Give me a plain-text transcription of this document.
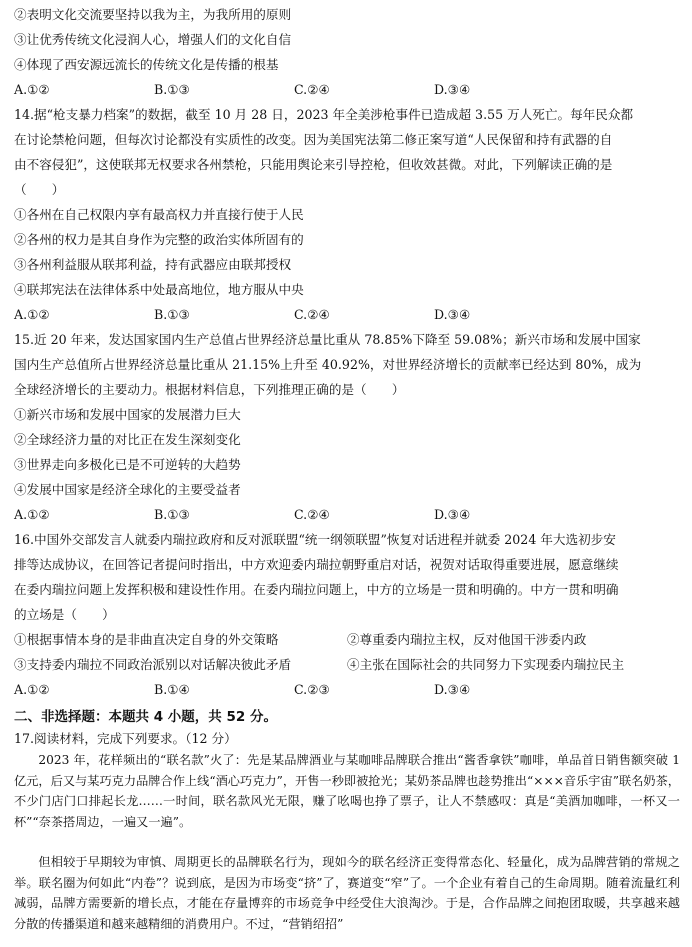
②表明文化交流要坚持以我为主，为我所用的原则
③让优秀传统文化浸润人心，增强人们的文化自信
④体现了西安源远流长的传统文化是传播的根基
A.①②	B.①③	C.②④	D.③④
14.据“枪支暴力档案”的数据，截至 10 月 28 日，2023 年全美涉枪事件已造成超 3.55 万人死亡。每年民众都
在讨论禁枪问题，但每次讨论都没有实质性的改变。因为美国宪法第二修正案写道“人民保留和持有武器的自
由不容侵犯”，这使联邦无权要求各州禁枪，只能用舆论来引导控枪，但收效甚微。对此，下列解读正确的是
（　　）
①各州在自己权限内享有最高权力并直接行使于人民
②各州的权力是其自身作为完整的政治实体所固有的
③各州利益服从联邦利益，持有武器应由联邦授权
④联邦宪法在法律体系中处最高地位，地方服从中央
A.①②	B.①③	C.②④	D.③④
15.近 20 年来，发达国家国内生产总值占世界经济总量比重从 78.85%下降至 59.08%；新兴市场和发展中国家
国内生产总值所占世界经济总量比重从 21.15%上升至 40.92%，对世界经济增长的贡献率已经达到 80%，成为
全球经济增长的主要动力。根据材料信息，下列推理正确的是（　　）
①新兴市场和发展中国家的发展潜力巨大
②全球经济力量的对比正在发生深刻变化
③世界走向多极化已是不可逆转的大趋势
④发展中国家是经济全球化的主要受益者
A.①②	B.①③	C.②④	D.③④
16.中国外交部发言人就委内瑞拉政府和反对派联盟“统一纲领联盟”恢复对话进程并就委 2024 年大选初步安
排等达成协议，在回答记者提问时指出，中方欢迎委内瑞拉朝野重启对话，祝贺对话取得重要进展，愿意继续
在委内瑞拉问题上发挥积极和建设性作用。在委内瑞拉问题上，中方的立场是一贯和明确的。中方一贯和明确
的立场是（　　）
①根据事情本身的是非曲直决定自身的外交策略	②尊重委内瑞拉主权，反对他国干涉委内政
③支持委内瑞拉不同政治派别以对话解决彼此矛盾	④主张在国际社会的共同努力下实现委内瑞拉民主
A.①②	B.①④	C.②③	D.③④
二、非选择题：本题共 4 小题，共 52 分。
17.阅读材料，完成下列要求。（12 分）
2023 年，花样频出的“联名款”火了：先是某品牌酒业与某咖啡品牌联合推出“酱香拿铁”咖啡，单品首日销售额突破 1 亿元，后又与某巧克力品牌合作上线“酒心巧克力”，开售一秒即被抢光；某奶茶品牌也趁势推出“×××音乐宇宙”联名奶茶，不少门店门口排起长龙……一时间，联名款风光无限，赚了吆喝也挣了票子，让人不禁感叹：真是“美酒加咖啡，一杯又一杯”“奈茶搭周边，一遍又一遍”。
但相较于早期较为审慎、周期更长的品牌联名行为，现如今的联名经济正变得常态化、轻量化，成为品牌营销的常规之举。联名圈为何如此“内卷”？说到底，是因为市场变“挤”了，赛道变“窄”了。一个企业有着自己的生命周期。随着流量红利减弱，品牌方需要新的增长点，才能在存量博弈的市场竞争中经受住大浪淘沙。于是，合作品牌之间抱团取暖，共享越来越分散的传播渠道和越来越精细的消费用户。不过，“营销绍招”
